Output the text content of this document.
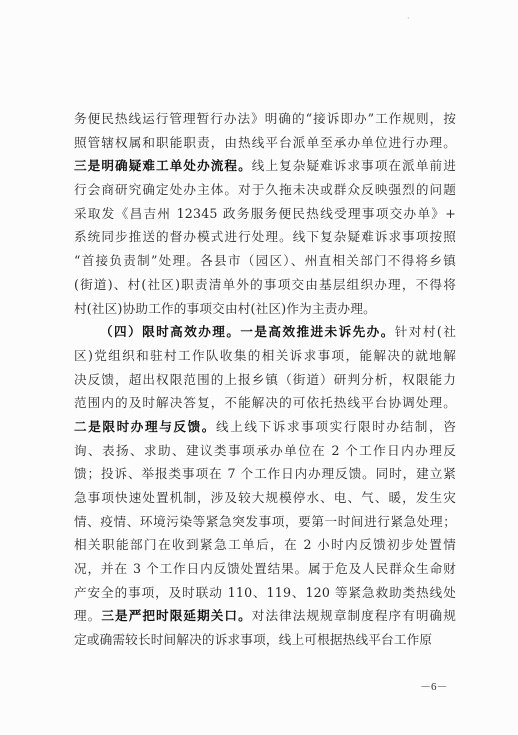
·
务便民热线运行管理暂行办法》明确的“接诉即办”工作规则，按
照管辖权属和职能职责，由热线平台派单至承办单位进行办理。
三是明确疑难工单处办流程。线上复杂疑难诉求事项在派单前进
行会商研究确定处办主体。对于久拖未决或群众反映强烈的问题
采取发《昌吉州 12345 政务服务便民热线受理事项交办单》+
系统同步推送的督办模式进行处理。线下复杂疑难诉求事项按照
“首接负责制”处理。各县市（园区）、州直相关部门不得将乡镇
(街道)、村(社区)职责清单外的事项交由基层组织办理，不得将
村(社区)协助工作的事项交由村(社区)作为主责办理。
（四）限时高效办理。一是高效推进未诉先办。针对村(社
区)党组织和驻村工作队收集的相关诉求事项，能解决的就地解
决反馈，超出权限范围的上报乡镇（街道）研判分析，权限能力
范围内的及时解决答复，不能解决的可依托热线平台协调处理。
二是限时办理与反馈。线上线下诉求事项实行限时办结制，咨
询、表扬、求助、建议类事项承办单位在 2 个工作日内办理反
馈；投诉、举报类事项在 7 个工作日内办理反馈。同时，建立紧
急事项快速处置机制，涉及较大规模停水、电、气、暖，发生灾
情、疫情、环境污染等紧急突发事项，要第一时间进行紧急处理；
相关职能部门在收到紧急工单后，在 2 小时内反馈初步处置情
况，并在 3 个工作日内反馈处置结果。属于危及人民群众生命财
产安全的事项，及时联动 110、119、120 等紧急救助类热线处
理。三是严把时限延期关口。对法律法规规章制度程序有明确规
定或确需较长时间解决的诉求事项，线上可根据热线平台工作原
－6－
